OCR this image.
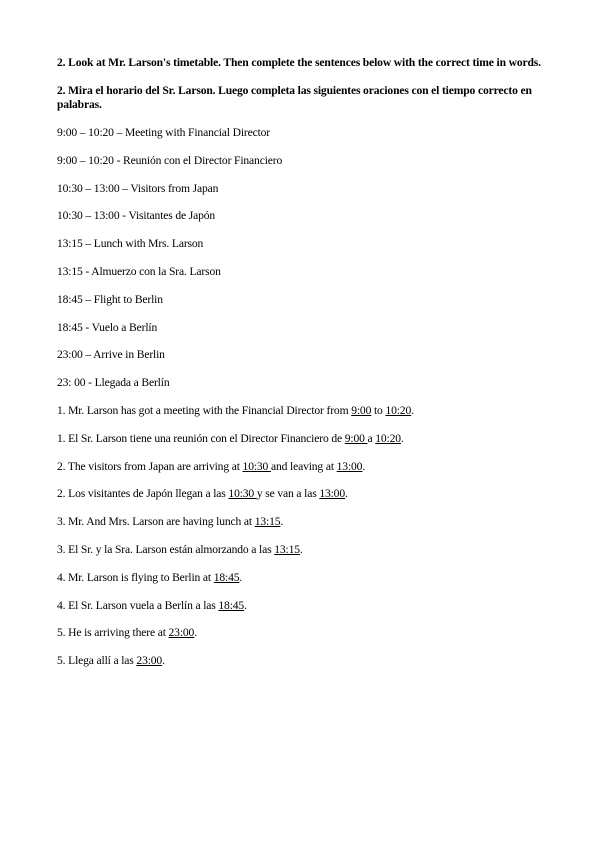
2. Look at Mr. Larson's timetable. Then complete the sentences below with the correct time in words.

2. Mira el horario del Sr. Larson. Luego completa las siguientes oraciones con el tiempo correcto en palabras.

9:00 – 10:20 – Meeting with Financial Director

9:00 – 10:20 - Reunión con el Director Financiero

10:30 – 13:00 – Visitors from Japan

10:30 – 13:00 - Visitantes de Japón

13:15 – Lunch with Mrs. Larson

13:15 - Almuerzo con la Sra. Larson

18:45 – Flight to Berlin

18:45 - Vuelo a Berlín

23:00 – Arrive in Berlin

23: 00 - Llegada a Berlín

1. Mr. Larson has got a meeting with the Financial Director from 9:00 to 10:20.

1. El Sr. Larson tiene una reunión con el Director Financiero de 9:00 a 10:20.

2. The visitors from Japan are arriving at 10:30 and leaving at 13:00.

2. Los visitantes de Japón llegan a las 10:30 y se van a las 13:00.

3. Mr. And Mrs. Larson are having lunch at 13:15.

3. El Sr. y la Sra. Larson están almorzando a las 13:15.

4. Mr. Larson is flying to Berlin at 18:45.

4. El Sr. Larson vuela a Berlín a las 18:45.

5. He is arriving there at 23:00.

5. Llega allí a las 23:00.
